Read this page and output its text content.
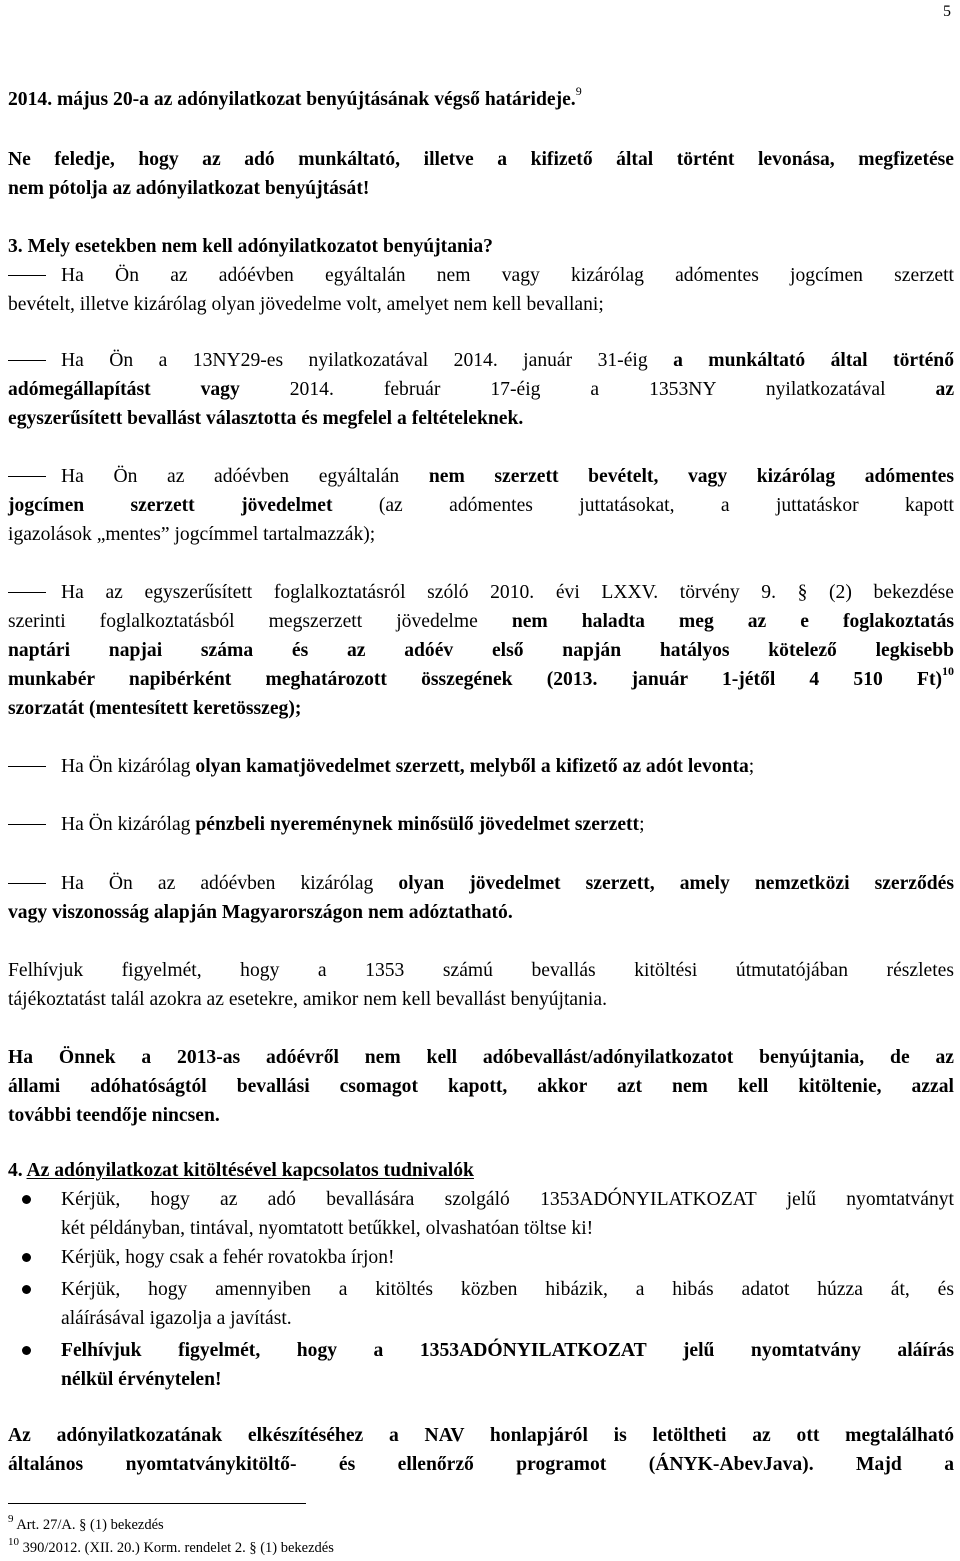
5
2014. május 20-a az adónyilatkozat benyújtásának végső határideje.$^9$
Ne feledje, hogy az adó munkáltató, illetve a kifizető által történt levonása, megfizetése
nem pótolja az adónyilatkozat benyújtását!
3. Mely esetekben nem kell adónyilatkozatot benyújtania?
Ha Ön az adóévben egyáltalán nem vagy kizárólag adómentes jogcímen szerzett
bevételt, illetve kizárólag olyan jövedelme volt, amelyet nem kell bevallani;
Ha Ön a 13NY29-es nyilatkozatával 2014. január 31-éig a munkáltató által történő
adómegállapítást vagy 2014. február 17-éig a 1353NY nyilatkozatával az
egyszerűsített bevallást választotta és megfelel a feltételeknek.
Ha Ön az adóévben egyáltalán nem szerzett bevételt, vagy kizárólag adómentes
jogcímen szerzett jövedelmet (az adómentes juttatásokat, a juttatáskor kapott
igazolások „mentes” jogcímmel tartalmazzák);
Ha az egyszerűsített foglalkoztatásról szóló 2010. évi LXXV. törvény 9. § (2) bekezdése
szerinti foglalkoztatásból megszerzett jövedelme nem haladta meg az e foglakoztatás
naptári napjai száma és az adóév első napján hatályos kötelező legkisebb
munkabér napibérként meghatározott összegének (2013. január 1-jétől 4 510 Ft)$^{10}$
szorzatát (mentesített keretösszeg);
Ha Ön kizárólag olyan kamatjövedelmet szerzett, melyből a kifizető az adót levonta;
Ha Ön kizárólag pénzbeli nyereménynek minősülő jövedelmet szerzett;
Ha Ön az adóévben kizárólag olyan jövedelmet szerzett, amely nemzetközi szerződés
vagy viszonosság alapján Magyarországon nem adóztatható.
Felhívjuk figyelmét, hogy a 1353 számú bevallás kitöltési útmutatójában részletes
tájékoztatást talál azokra az esetekre, amikor nem kell bevallást benyújtania.
Ha Önnek a 2013-as adóévről nem kell adóbevallást/adónyilatkozatot benyújtania, de az
állami adóhatóságtól bevallási csomagot kapott, akkor azt nem kell kitöltenie, azzal
további teendője nincsen.
4. Az adónyilatkozat kitöltésével kapcsolatos tudnivalók
Kérjük, hogy az adó bevallására szolgáló 1353ADÓNYILATKOZAT jelű nyomtatványt
két példányban, tintával, nyomtatott betűkkel, olvashatóan töltse ki!
Kérjük, hogy csak a fehér rovatokba írjon!
Kérjük, hogy amennyiben a kitöltés közben hibázik, a hibás adatot húzza át, és
aláírásával igazolja a javítást.
Felhívjuk figyelmét, hogy a 1353ADÓNYILATKOZAT jelű nyomtatvány aláírás
nélkül érvénytelen!
Az adónyilatkozatának elkészítéséhez a NAV honlapjáról is letöltheti az ott megtalálható
általános nyomtatványkitöltő- és ellenőrző programot (ÁNYK-AbevJava). Majd a
$^9$ Art. 27/A. § (1) bekezdés
$^{10}$ 390/2012. (XII. 20.) Korm. rendelet 2. § (1) bekezdés
